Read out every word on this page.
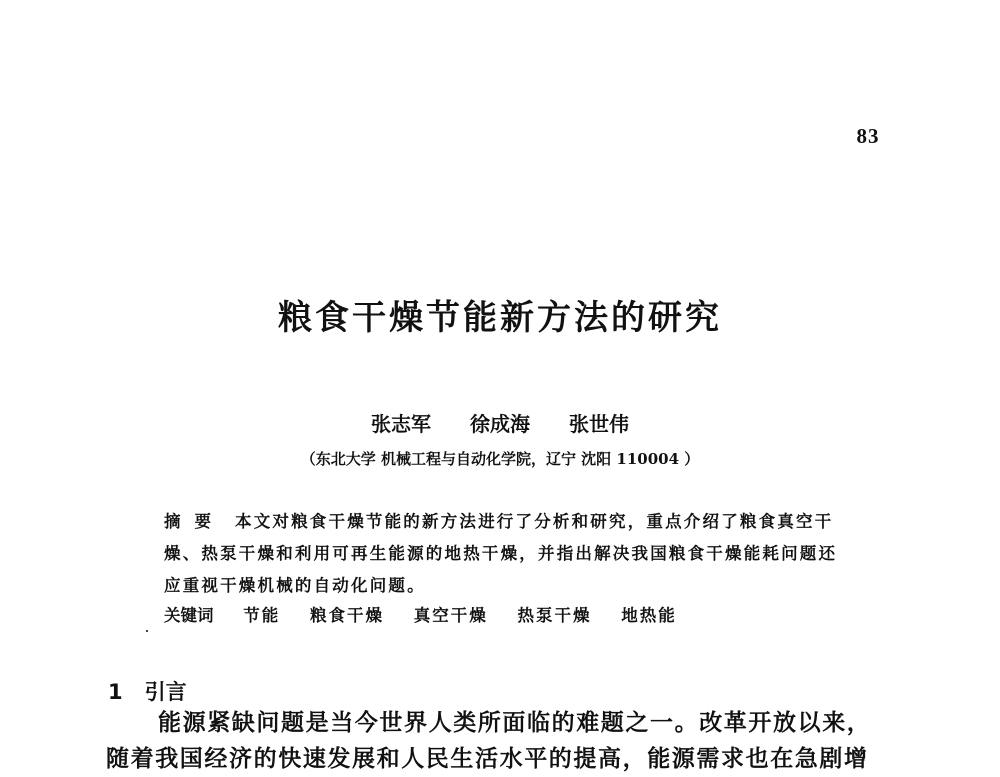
83
粮食干燥节能新方法的研究
张志军 徐成海 张世伟
（东北大学 机械工程与自动化学院，辽宁 沈阳 110004 ）
摘要 本文对粮食干燥节能的新方法进行了分析和研究，重点介绍了粮食真空干燥、热泵干燥和利用可再生能源的地热干燥，并指出解决我国粮食干燥能耗问题还应重视干燥机械的自动化问题。
关键词 节能 粮食干燥 真空干燥 热泵干燥 地热能
1 引言

能源紧缺问题是当今世界人类所面临的难题之一。改革开放以来，

随着我国经济的快速发展和人民生活水平的提高，能源需求也在急剧增
